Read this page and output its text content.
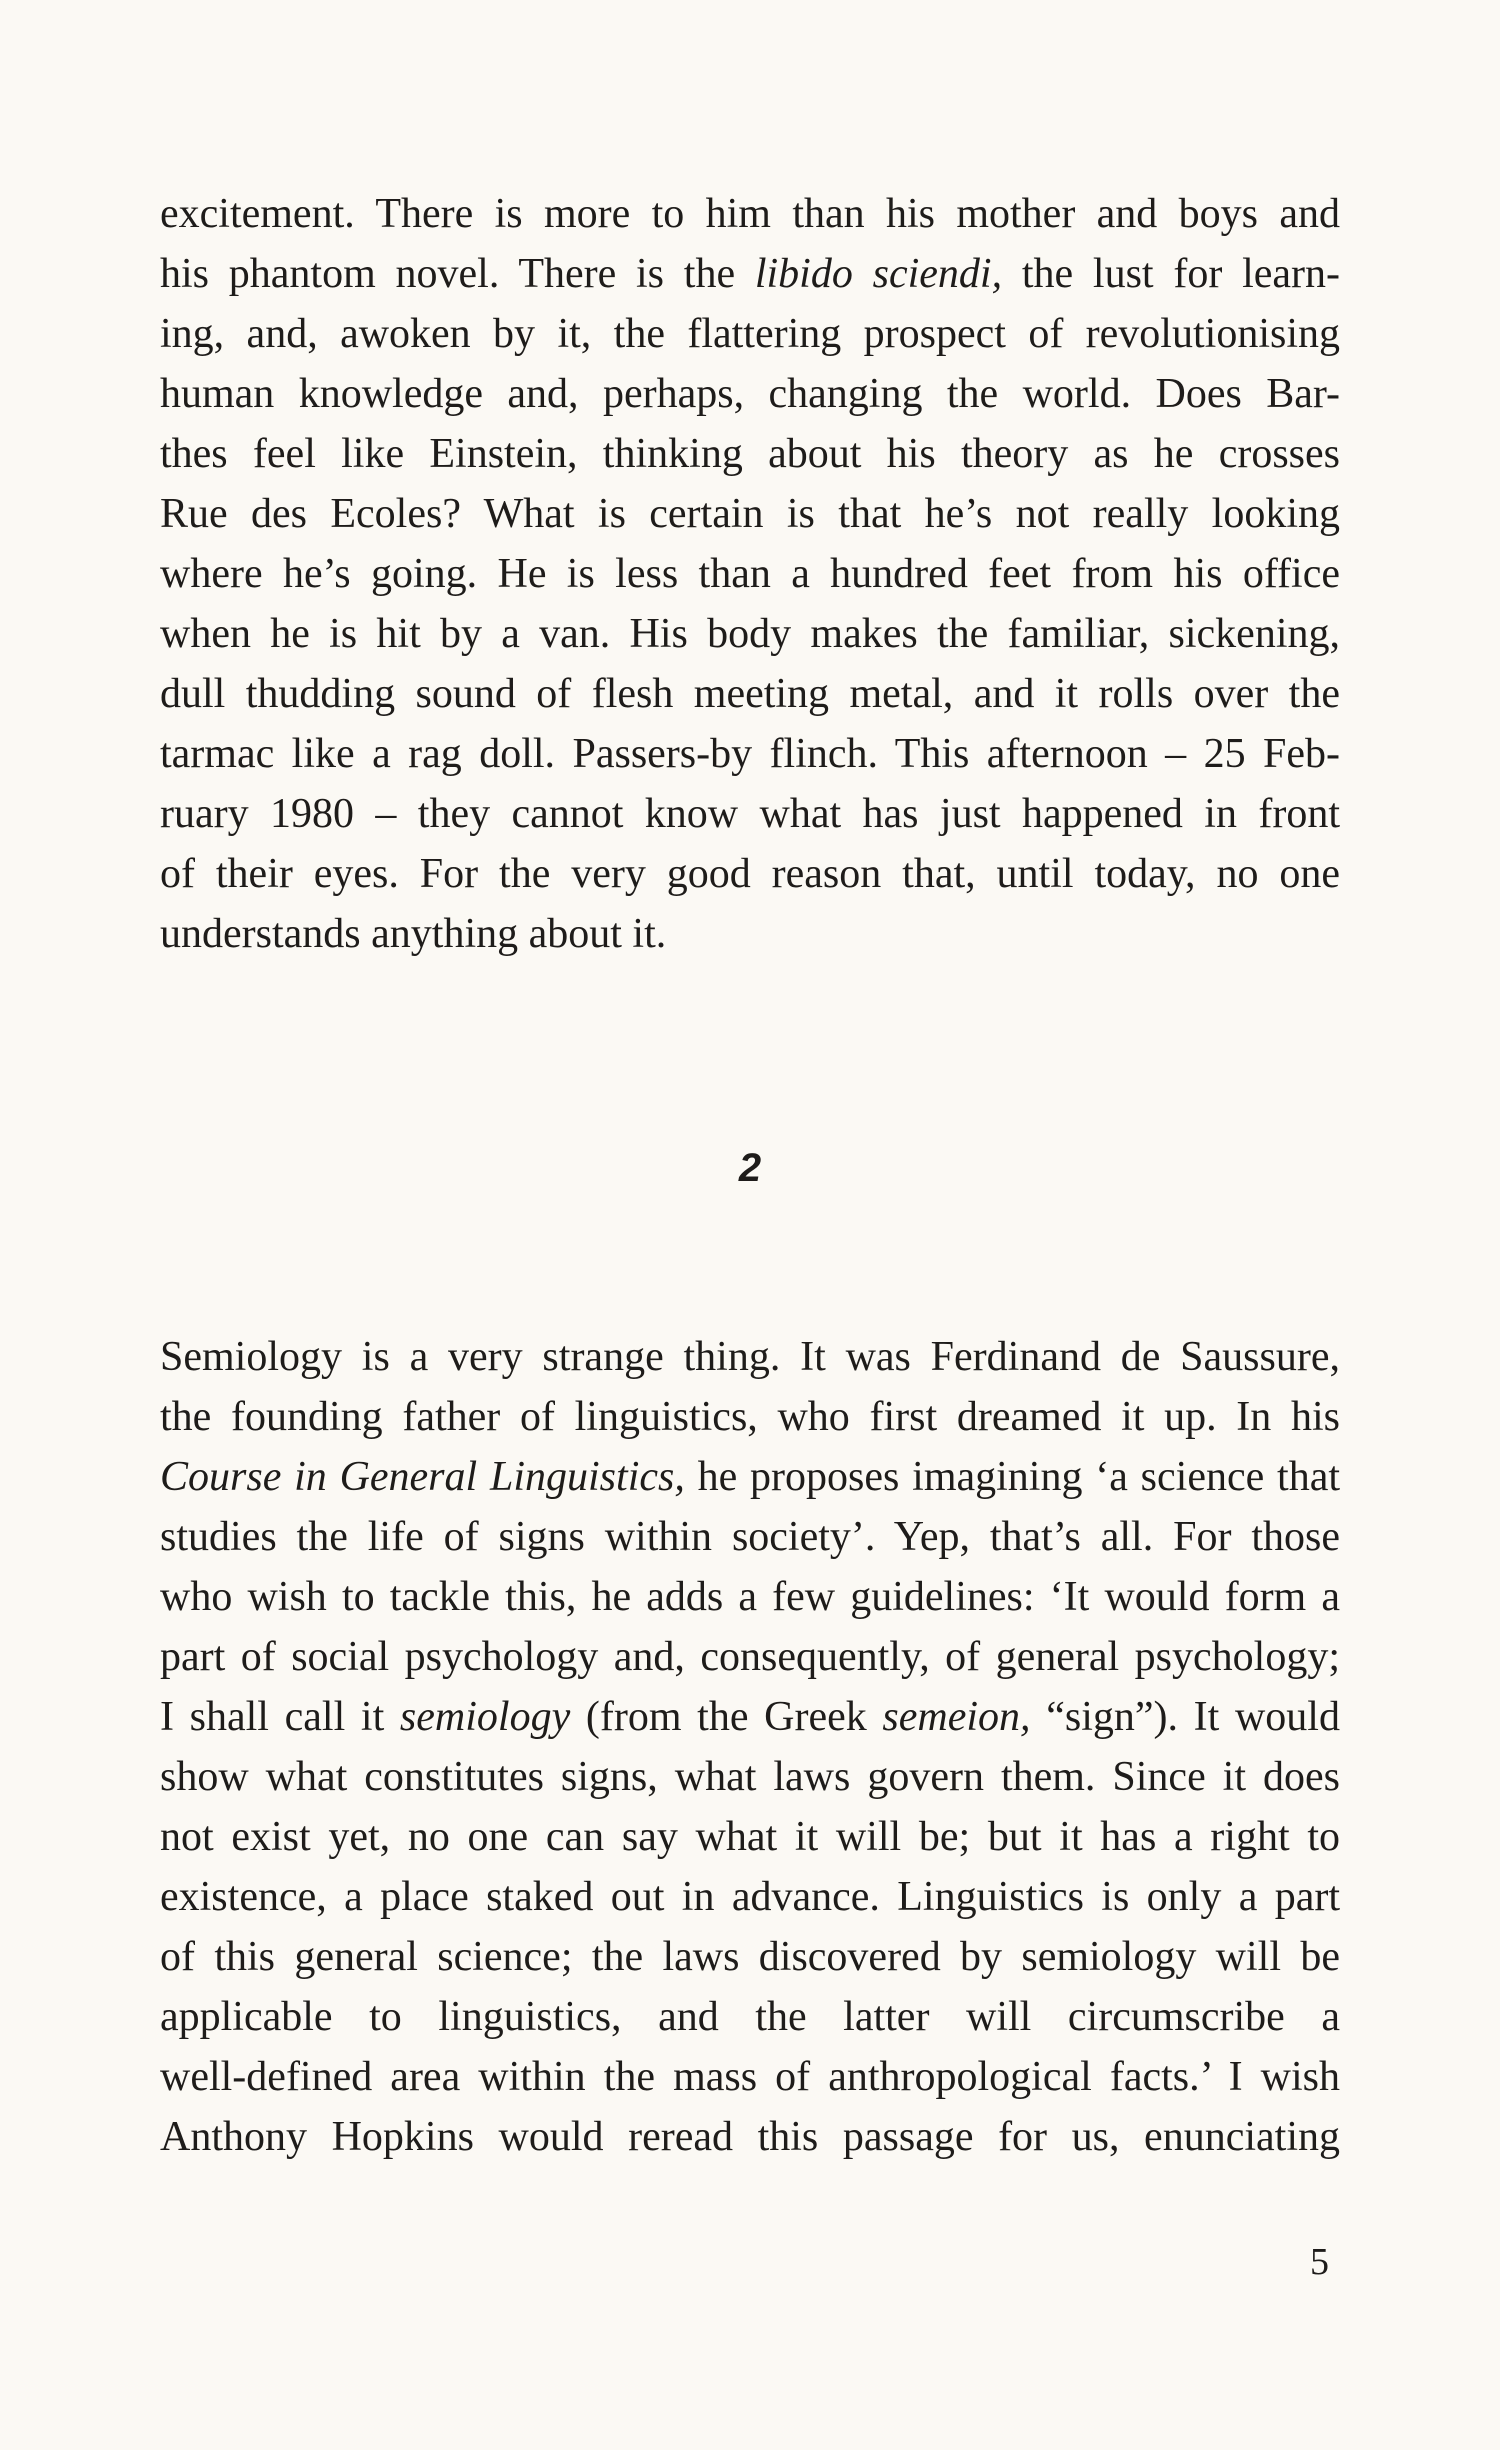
excitement. There is more to him than his mother and boys and
his phantom novel. There is the libido sciendi, the lust for learn-
ing, and, awoken by it, the flattering prospect of revolutionising
human knowledge and, perhaps, changing the world. Does Bar-
thes feel like Einstein, thinking about his theory as he crosses
Rue des Ecoles? What is certain is that he’s not really looking
where he’s going. He is less than a hundred feet from his office
when he is hit by a van. His body makes the familiar, sickening,
dull thudding sound of flesh meeting metal, and it rolls over the
tarmac like a rag doll. Passers-by flinch. This afternoon – 25 Feb-
ruary 1980 – they cannot know what has just happened in front
of their eyes. For the very good reason that, until today, no one
understands anything about it.
2
Semiology is a very strange thing. It was Ferdinand de Saussure,
the founding father of linguistics, who first dreamed it up. In his
Course in General Linguistics, he proposes imagining ‘a science that
studies the life of signs within society’. Yep, that’s all. For those
who wish to tackle this, he adds a few guidelines: ‘It would form a
part of social psychology and, consequently, of general psychology;
I shall call it semiology (from the Greek semeion, “sign”). It would
show what constitutes signs, what laws govern them. Since it does
not exist yet, no one can say what it will be; but it has a right to
existence, a place staked out in advance. Linguistics is only a part
of this general science; the laws discovered by semiology will be
applicable to linguistics, and the latter will circumscribe a
well-defined area within the mass of anthropological facts.’ I wish
Anthony Hopkins would reread this passage for us, enunciating
5
